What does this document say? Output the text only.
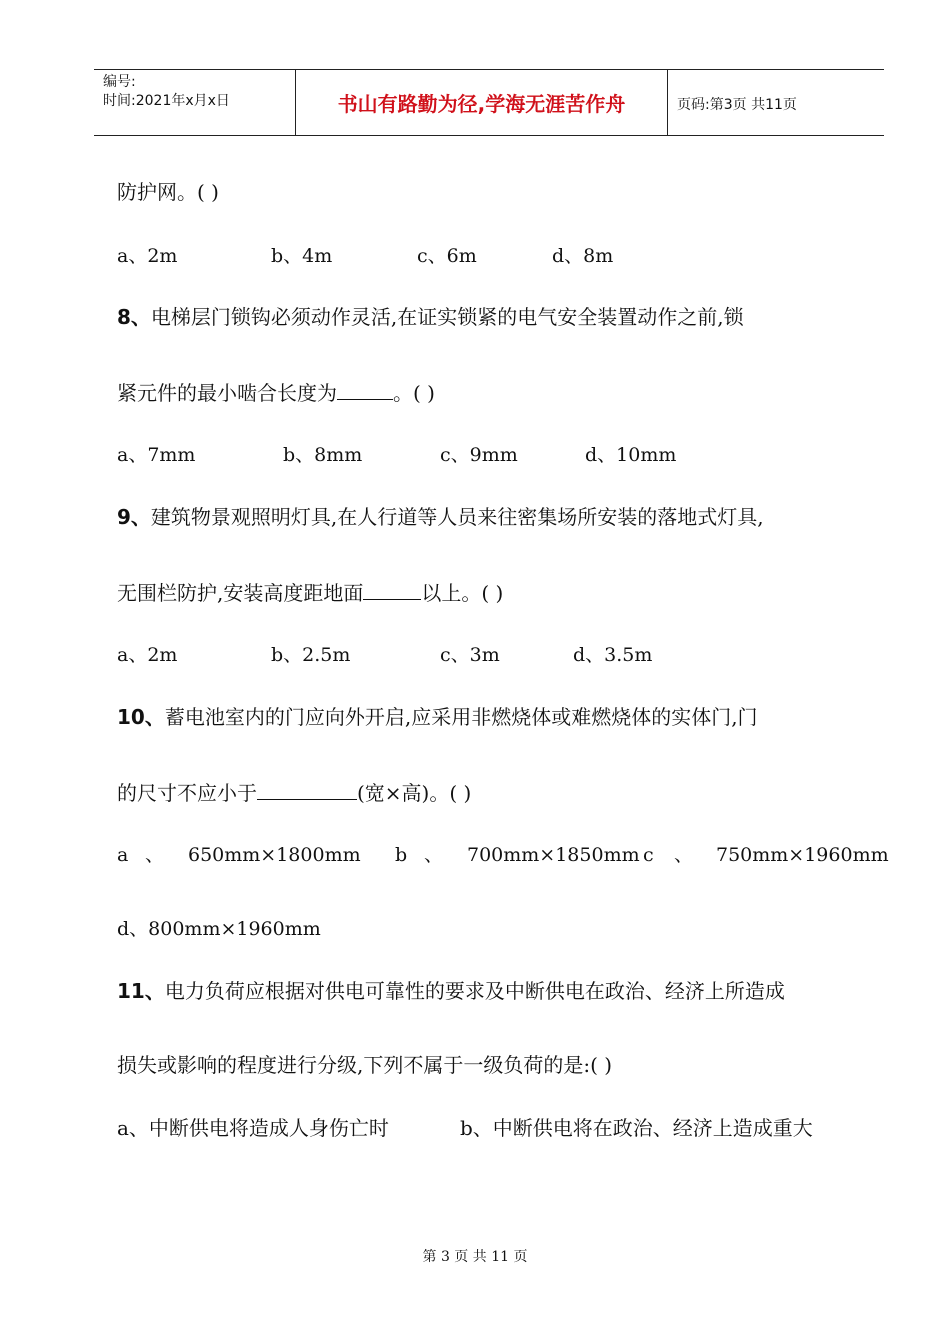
编号:
时间:2021年x月x日	书山有路勤为径,学海无涯苦作舟	页码:第3页 共11页
防护网。( )
a、2m	b、4m	c、6m	d、8m
8、电梯层门锁钩必须动作灵活,在证实锁紧的电气安全装置动作之前,锁
紧元件的最小啮合长度为	。( )
a、7mm	b、8mm	c、9mm	d、10mm
9、建筑物景观照明灯具,在人行道等人员来往密集场所安装的落地式灯具,
无围栏防护,安装高度距地面	以上。( )
a、2m	b、2.5m	c、3m	d、3.5m
10、蓄电池室内的门应向外开启,应采用非燃烧体或难燃烧体的实体门,门
的尺寸不应小于	(宽×高)。( )
a 、 650mm×1800mm b 、 700mm×1850mm c 、 750mm×1960mm
d、800mm×1960mm
11、电力负荷应根据对供电可靠性的要求及中断供电在政治、经济上所造成
损失或影响的程度进行分级,下列不属于一级负荷的是:( )
a、中断供电将造成人身伤亡时	b、中断供电将在政治、经济上造成重大
第 3 页 共 11 页
